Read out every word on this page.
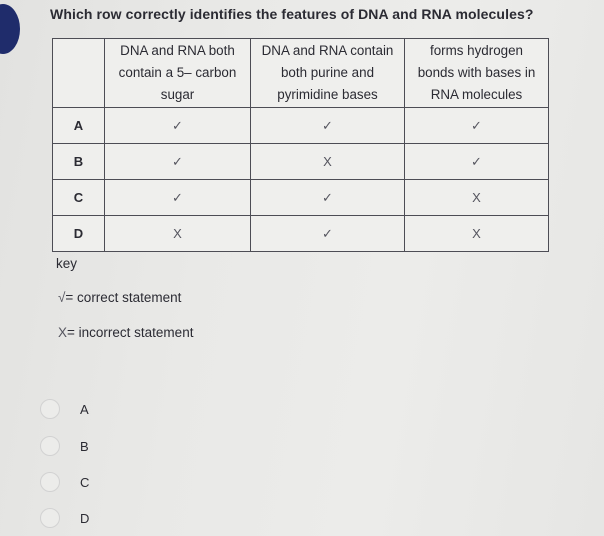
Which row correctly identifies the features of DNA and RNA molecules?

	DNA and RNA both
contain a 5– carbon
sugar	DNA and RNA contain
both purine and
pyrimidine bases	forms hydrogen
bonds with bases in
RNA molecules

A	✓	✓	✓
B	✓	X	✓
C	✓	✓	X
D	X	✓	X
key
√= correct statement
X= incorrect statement
A
B
C
D
